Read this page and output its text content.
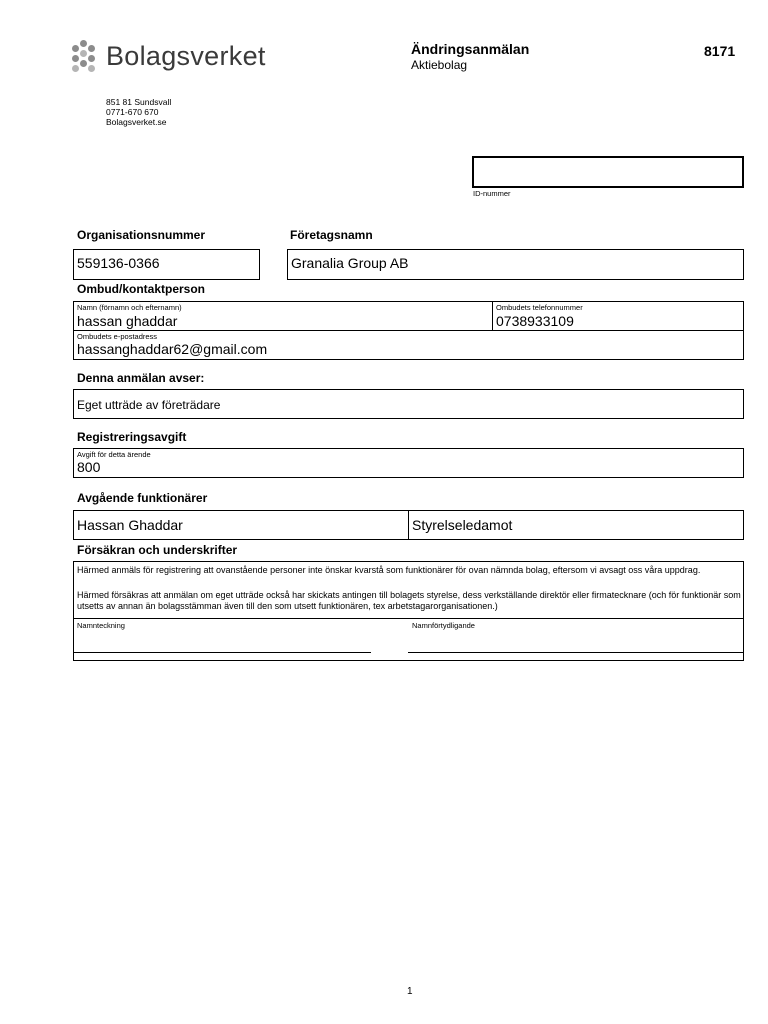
Bolagsverket	Ändringsanmälan
Aktiebolag
8171
851 81 Sundsvall
0771-670 670
Bolagsverket.se
ID-nummer
Organisationsnummer	Företagsnamn
559136-0366	Granalia Group AB
Ombud/kontaktperson
Namn (förnamn och efternamn)
hassan ghaddar
Ombudets telefonnummer
0738933109
Ombudets e-postadress
hassanghaddar62@gmail.com
Denna anmälan avser:
Eget utträde av företrädare
Registreringsavgift
Avgift för detta ärende
800
Avgående funktionärer
Hassan Ghaddar	Styrelseledamot
Försäkran och underskrifter
Härmed anmäls för registrering att ovanstående personer inte önskar kvarstå som funktionärer för ovan nämnda bolag, eftersom vi avsagt oss våra uppdrag.
Härmed försäkras att anmälan om eget utträde också har skickats antingen till bolagets styrelse, dess verkställande direktör eller firmatecknare (och för funktionär som utsetts av annan än bolagsstämman även till den som utsett funktionären, tex arbetstagarorganisationen.)
Namnteckning	Namnförtydligande
1
